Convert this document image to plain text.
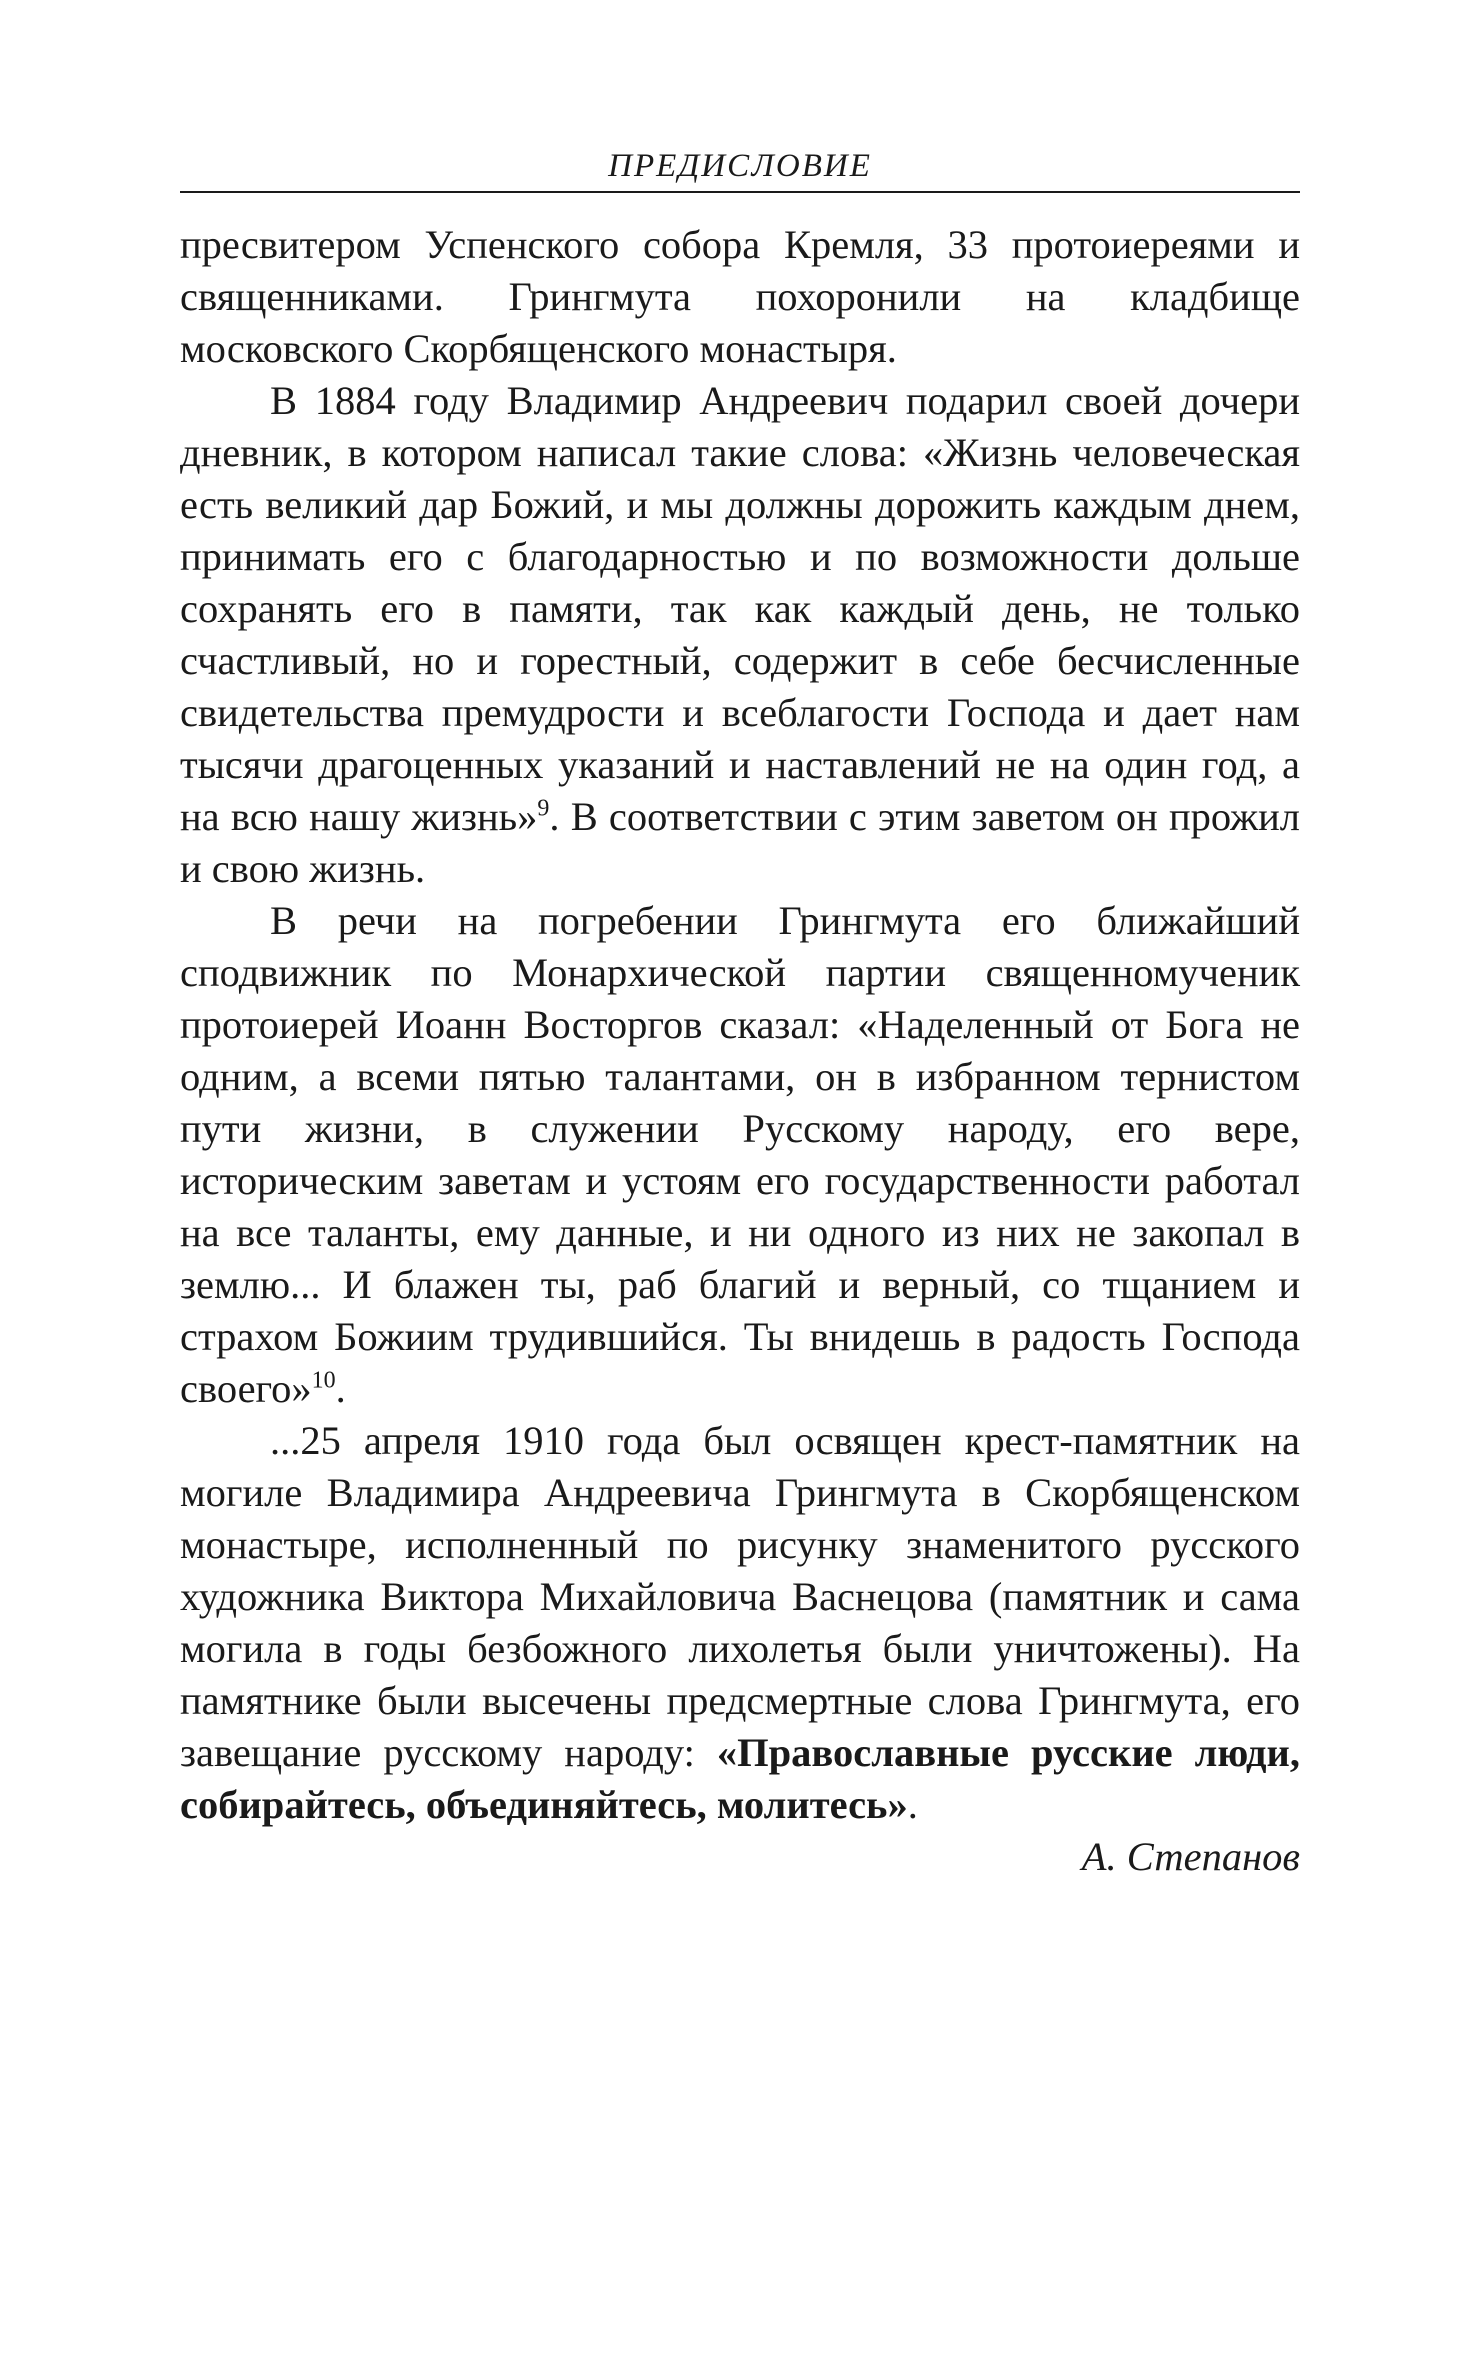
ПРЕДИСЛОВИЕ

пресвитером Успенского собора Кремля, 33 протоиереями и священниками. Грингмута похоронили на кладбище московского Скорбященского монастыря.

В 1884 году Владимир Андреевич подарил своей дочери дневник, в котором написал такие слова: «Жизнь человеческая есть великий дар Божий, и мы должны дорожить каждым днем, принимать его с благодарностью и по возможности дольше сохранять его в памяти, так как каждый день, не только счастливый, но и горестный, содержит в себе бесчисленные свидетельства премудрости и всеблагости Господа и дает нам тысячи драгоценных указаний и наставлений не на один год, а на всю нашу жизнь»$^9$. В соответствии с этим заветом он прожил и свою жизнь.

В речи на погребении Грингмута его ближайший сподвижник по Монархической партии священномученик протоиерей Иоанн Восторгов сказал: «Наделенный от Бога не одним, а всеми пятью талантами, он в избранном тернистом пути жизни, в служении Русскому народу, его вере, историческим заветам и устоям его государственности работал на все таланты, ему данные, и ни одного из них не закопал в землю... И блажен ты, раб благий и верный, со тщанием и страхом Божиим трудившийся. Ты внидешь в радость Господа своего»$^{10}$.

...25 апреля 1910 года был освящен крест-памятник на могиле Владимира Андреевича Грингмута в Скорбященском монастыре, исполненный по рисунку знаменитого русского художника Виктора Михайловича Васнецова (памятник и сама могила в годы безбожного лихолетья были уничтожены). На памятнике были высечены предсмертные слова Грингмута, его завещание русскому народу: «Православные русские люди, собирайтесь, объединяйтесь, молитесь».

А. Степанов
